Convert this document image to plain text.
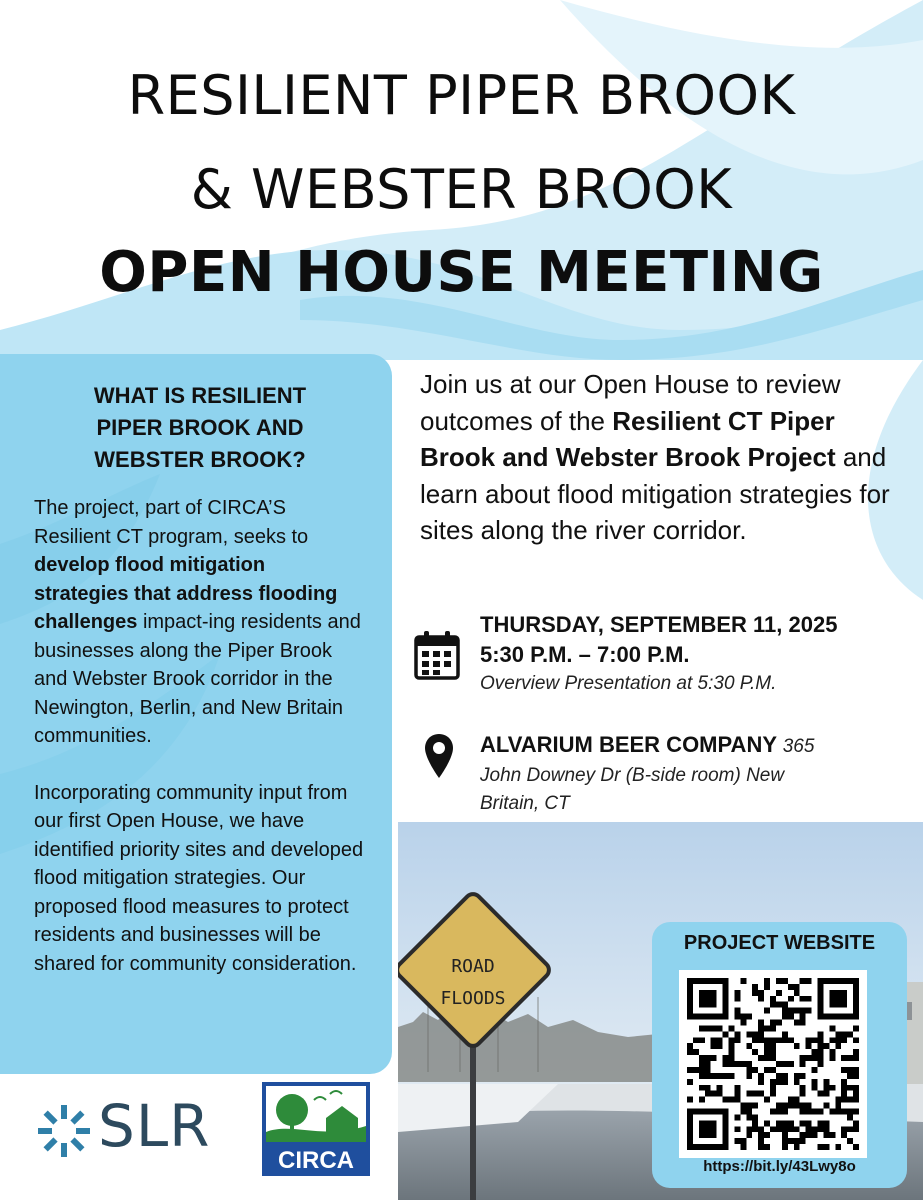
RESILIENT PIPER BROOK
& WEBSTER BROOK
OPEN HOUSE MEETING
WHAT IS RESILIENT
PIPER BROOK AND
WEBSTER BROOK?

The project, part of CIRCA’S Resilient CT program, seeks to develop flood mitigation strategies that address flooding challenges impact-ing residents and businesses along the Piper Brook and Webster Brook corridor in the Newington, Berlin, and New Britain communities.

Incorporating community input from our first Open House, we have identified priority sites and developed flood mitigation strategies. Our proposed flood measures to protect residents and businesses will be shared for community consideration.

Join us at our Open House to review outcomes of the Resilient CT Piper Brook and Webster Brook Project and learn about flood mitigation strategies for sites along the river corridor.
THURSDAY, SEPTEMBER 11, 2025
5:30 P.M. – 7:00 P.M.
Overview Presentation at 5:30 P.M.
ALVARIUM BEER COMPANY 365
John Downey Dr (B-side room) New
Britain, CT
ROAD
FLOODS
PROJECT WEBSITE
https://bit.ly/43Lwy8o
SLR
CIRCA
